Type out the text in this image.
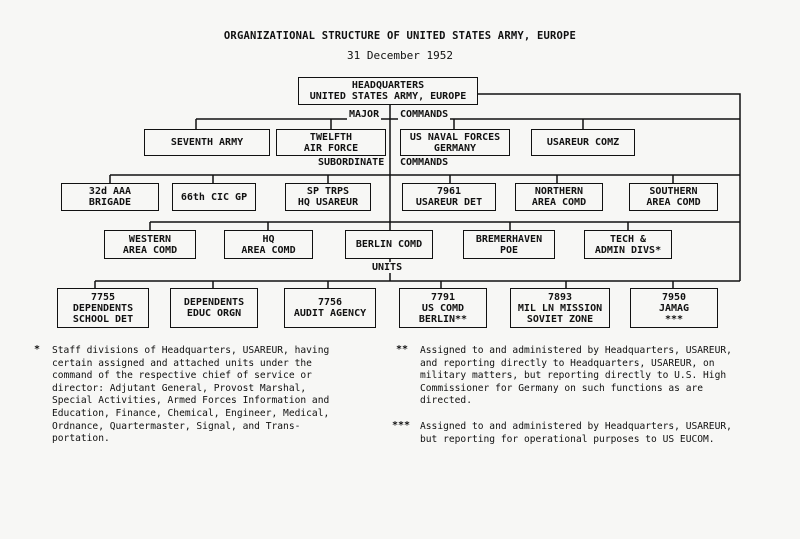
ORGANIZATIONAL STRUCTURE OF UNITED STATES ARMY, EUROPE
31 December 1952
HEADQUARTERS
UNITED STATES ARMY, EUROPE
MAJOR COMMANDS
SEVENTH ARMY	TWELFTH
AIR FORCE
US NAVAL FORCES
GERMANY	USAREUR COMZ
SUBORDINATE COMMANDS
32d AAA
BRIGADE	66th CIC GP	SP TRPS
HQ USAREUR
7961
USAREUR DET
NORTHERN
AREA COMD
SOUTHERN
AREA COMD
WESTERN
AREA COMD
HQ
AREA COMD	BERLIN COMD	BREMERHAVEN
POE
TECH &
ADMIN DIVS*
UNITS
7755
DEPENDENTS
SCHOOL DET
DEPENDENTS
EDUC ORGN
7756
AUDIT AGENCY
7791
US COMD
BERLIN**
7893
MIL LN MISSION
SOVIET ZONE
7950
JAMAG
***
* Staff divisions of Headquarters, USAREUR, having
certain assigned and attached units under the
command of the respective chief of service or
director: Adjutant General, Provost Marshal,
Special Activities, Armed Forces Information and
Education, Finance, Chemical, Engineer, Medical,
Ordnance, Quartermaster, Signal, and Trans-
portation.
** Assigned to and administered by Headquarters, USAREUR,
and reporting directly to Headquarters, USAREUR, on
military matters, but reporting directly to U.S. High
Commissioner for Germany on such functions as are
directed.
*** Assigned to and administered by Headquarters, USAREUR,
but reporting for operational purposes to US EUCOM.
